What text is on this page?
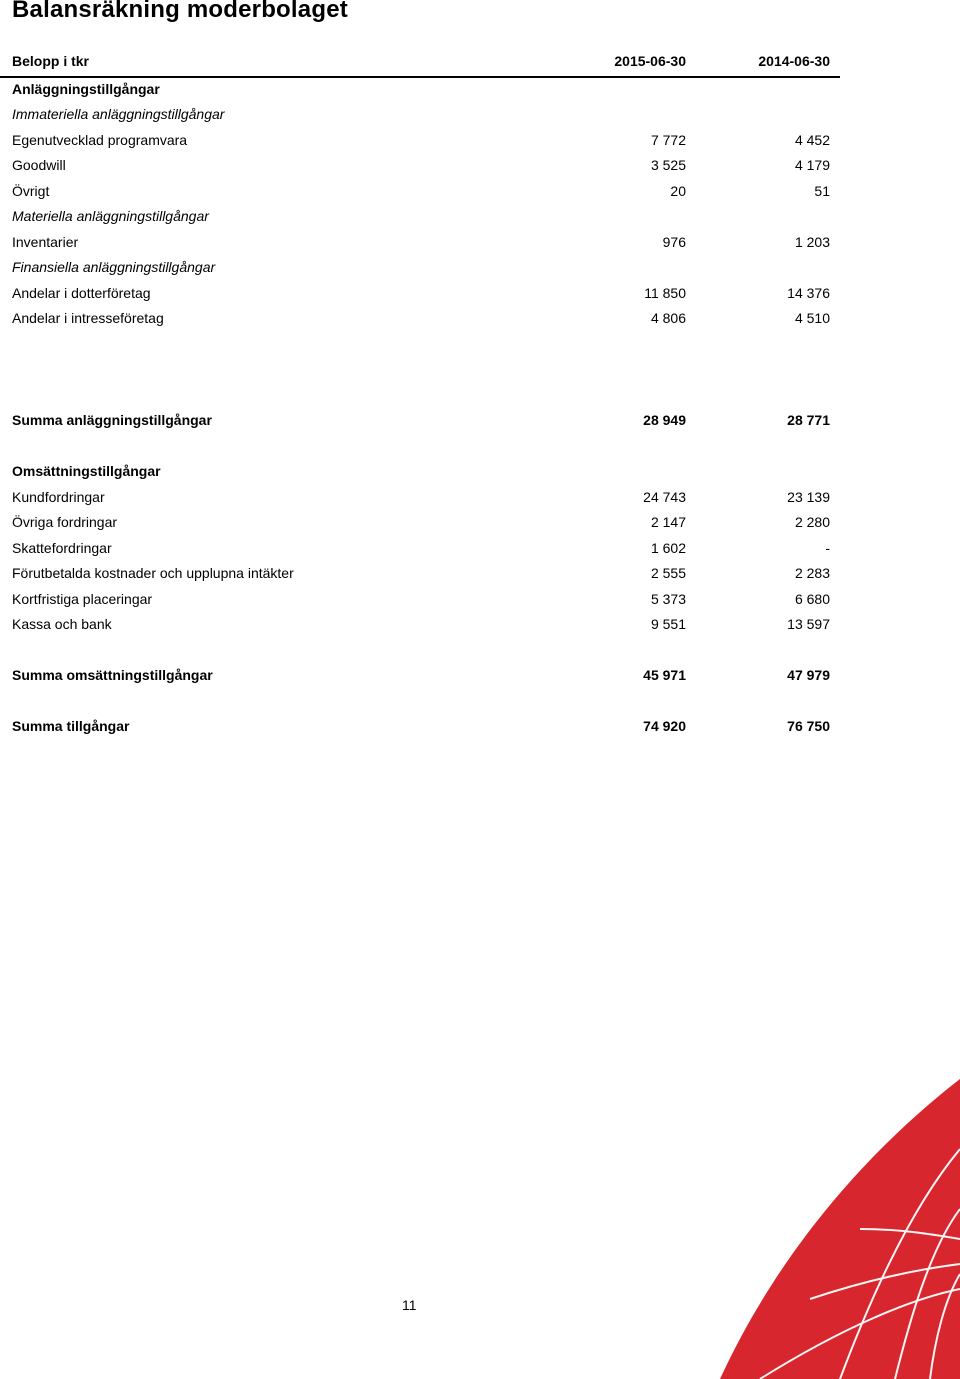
Balansräkning moderbolaget
Belopp i tkr	2015-06-30	2014-06-30
Anläggningstillgångar
Immateriella anläggningstillgångar
Egenutvecklad programvara	7 772	4 452
Goodwill	3 525	4 179
Övrigt	20	51
Materiella anläggningstillgångar
Inventarier	976	1 203
Finansiella anläggningstillgångar
Andelar i dotterföretag	11 850	14 376
Andelar i intresseföretag	4 806	4 510
Summa anläggningstillgångar	28 949	28 771
Omsättningstillgångar
Kundfordringar	24 743	23 139
Övriga fordringar	2 147	2 280
Skattefordringar	1 602	-
Förutbetalda kostnader och upplupna intäkter	2 555	2 283
Kortfristiga placeringar	5 373	6 680
Kassa och bank	9 551	13 597
Summa omsättningstillgångar	45 971	47 979
Summa tillgångar	74 920	76 750
11
